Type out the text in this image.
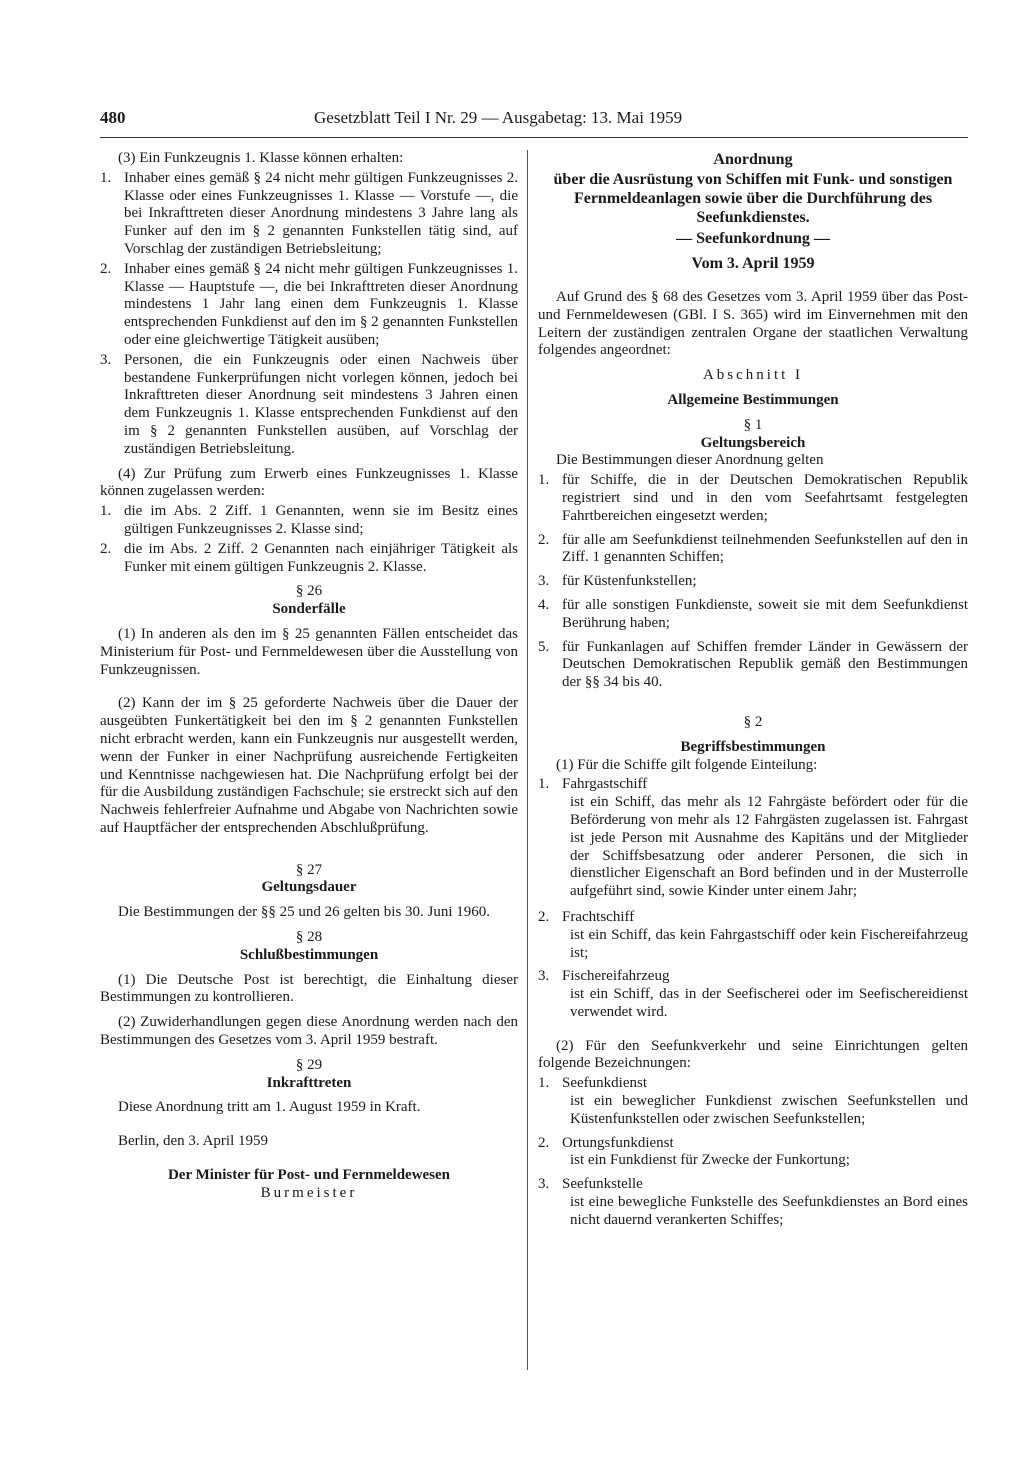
480	Gesetzblatt Teil I Nr. 29 — Ausgabetag: 13. Mai 1959

(3) Ein Funkzeugnis 1. Klasse können erhalten:

1. Inhaber eines gemäß § 24 nicht mehr gültigen Funkzeugnisses 2. Klasse oder eines Funkzeugnisses 1. Klasse — Vorstufe —, die bei Inkrafttreten dieser Anordnung mindestens 3 Jahre lang als Funker auf den im § 2 genannten Funkstellen tätig sind, auf Vorschlag der zuständigen Betriebsleitung;
2. Inhaber eines gemäß § 24 nicht mehr gültigen Funkzeugnisses 1. Klasse — Hauptstufe —, die bei Inkrafttreten dieser Anordnung mindestens 1 Jahr lang einen dem Funkzeugnis 1. Klasse entsprechenden Funkdienst auf den im § 2 genannten Funkstellen oder eine gleichwertige Tätigkeit ausüben;
3. Personen, die ein Funkzeugnis oder einen Nachweis über bestandene Funkerprüfungen nicht vorlegen können, jedoch bei Inkrafttreten dieser Anordnung seit mindestens 3 Jahren einen dem Funkzeugnis 1. Klasse entsprechenden Funkdienst auf den im § 2 genannten Funkstellen ausüben, auf Vorschlag der zuständigen Betriebsleitung.

(4) Zur Prüfung zum Erwerb eines Funkzeugnisses 1. Klasse können zugelassen werden:

1. die im Abs. 2 Ziff. 1 Genannten, wenn sie im Besitz eines gültigen Funkzeugnisses 2. Klasse sind;
2. die im Abs. 2 Ziff. 2 Genannten nach einjähriger Tätigkeit als Funker mit einem gültigen Funkzeugnis 2. Klasse.

§ 26

Sonderfälle

(1) In anderen als den im § 25 genannten Fällen entscheidet das Ministerium für Post- und Fernmeldewesen über die Ausstellung von Funkzeugnissen.

(2) Kann der im § 25 geforderte Nachweis über die Dauer der ausgeübten Funkertätigkeit bei den im § 2 genannten Funkstellen nicht erbracht werden, kann ein Funkzeugnis nur ausgestellt werden, wenn der Funker in einer Nachprüfung ausreichende Fertigkeiten und Kenntnisse nachgewiesen hat. Die Nachprüfung erfolgt bei der für die Ausbildung zuständigen Fachschule; sie erstreckt sich auf den Nachweis fehlerfreier Aufnahme und Abgabe von Nachrichten sowie auf Hauptfächer der entsprechenden Abschlußprüfung.

§ 27

Geltungsdauer

Die Bestimmungen der §§ 25 und 26 gelten bis 30. Juni 1960.

§ 28

Schlußbestimmungen

(1) Die Deutsche Post ist berechtigt, die Einhaltung dieser Bestimmungen zu kontrollieren.

(2) Zuwiderhandlungen gegen diese Anordnung werden nach den Bestimmungen des Gesetzes vom 3. April 1959 bestraft.

§ 29

Inkrafttreten

Diese Anordnung tritt am 1. August 1959 in Kraft.

Berlin, den 3. April 1959

Der Minister für Post- und Fernmeldewesen

Burmeister

Anordnung

über die Ausrüstung von Schiffen mit Funk- und sonstigen Fernmeldeanlagen sowie über die Durchführung des Seefunkdienstes.

— Seefunkordnung —

Vom 3. April 1959

Auf Grund des § 68 des Gesetzes vom 3. April 1959 über das Post- und Fernmeldewesen (GBl. I S. 365) wird im Einvernehmen mit den Leitern der zuständigen zentralen Organe der staatlichen Verwaltung folgendes angeordnet:

Abschnitt I

Allgemeine Bestimmungen

§ 1

Geltungsbereich

Die Bestimmungen dieser Anordnung gelten

1. für Schiffe, die in der Deutschen Demokratischen Republik registriert sind und in den vom Seefahrtsamt festgelegten Fahrtbereichen eingesetzt werden;
2. für alle am Seefunkdienst teilnehmenden Seefunkstellen auf den in Ziff. 1 genannten Schiffen;
3. für Küstenfunkstellen;
4. für alle sonstigen Funkdienste, soweit sie mit dem Seefunkdienst Berührung haben;
5. für Funkanlagen auf Schiffen fremder Länder in Gewässern der Deutschen Demokratischen Republik gemäß den Bestimmungen der §§ 34 bis 40.

§ 2

Begriffsbestimmungen

(1) Für die Schiffe gilt folgende Einteilung:

1. Fahrgastschiff
ist ein Schiff, das mehr als 12 Fahrgäste befördert oder für die Beförderung von mehr als 12 Fahrgästen zugelassen ist. Fahrgast ist jede Person mit Ausnahme des Kapitäns und der Mitglieder der Schiffsbesatzung oder anderer Personen, die sich in dienstlicher Eigenschaft an Bord befinden und in der Musterrolle aufgeführt sind, sowie Kinder unter einem Jahr;
2. Frachtschiff
ist ein Schiff, das kein Fahrgastschiff oder kein Fischereifahrzeug ist;
3. Fischereifahrzeug
ist ein Schiff, das in der Seefischerei oder im Seefischereidienst verwendet wird.

(2) Für den Seefunkverkehr und seine Einrichtungen gelten folgende Bezeichnungen:

1. Seefunkdienst
ist ein beweglicher Funkdienst zwischen Seefunkstellen und Küstenfunkstellen oder zwischen Seefunkstellen;
2. Ortungsfunkdienst
ist ein Funkdienst für Zwecke der Funkortung;
3. Seefunkstelle
ist eine bewegliche Funkstelle des Seefunkdienstes an Bord eines nicht dauernd verankerten Schiffes;
